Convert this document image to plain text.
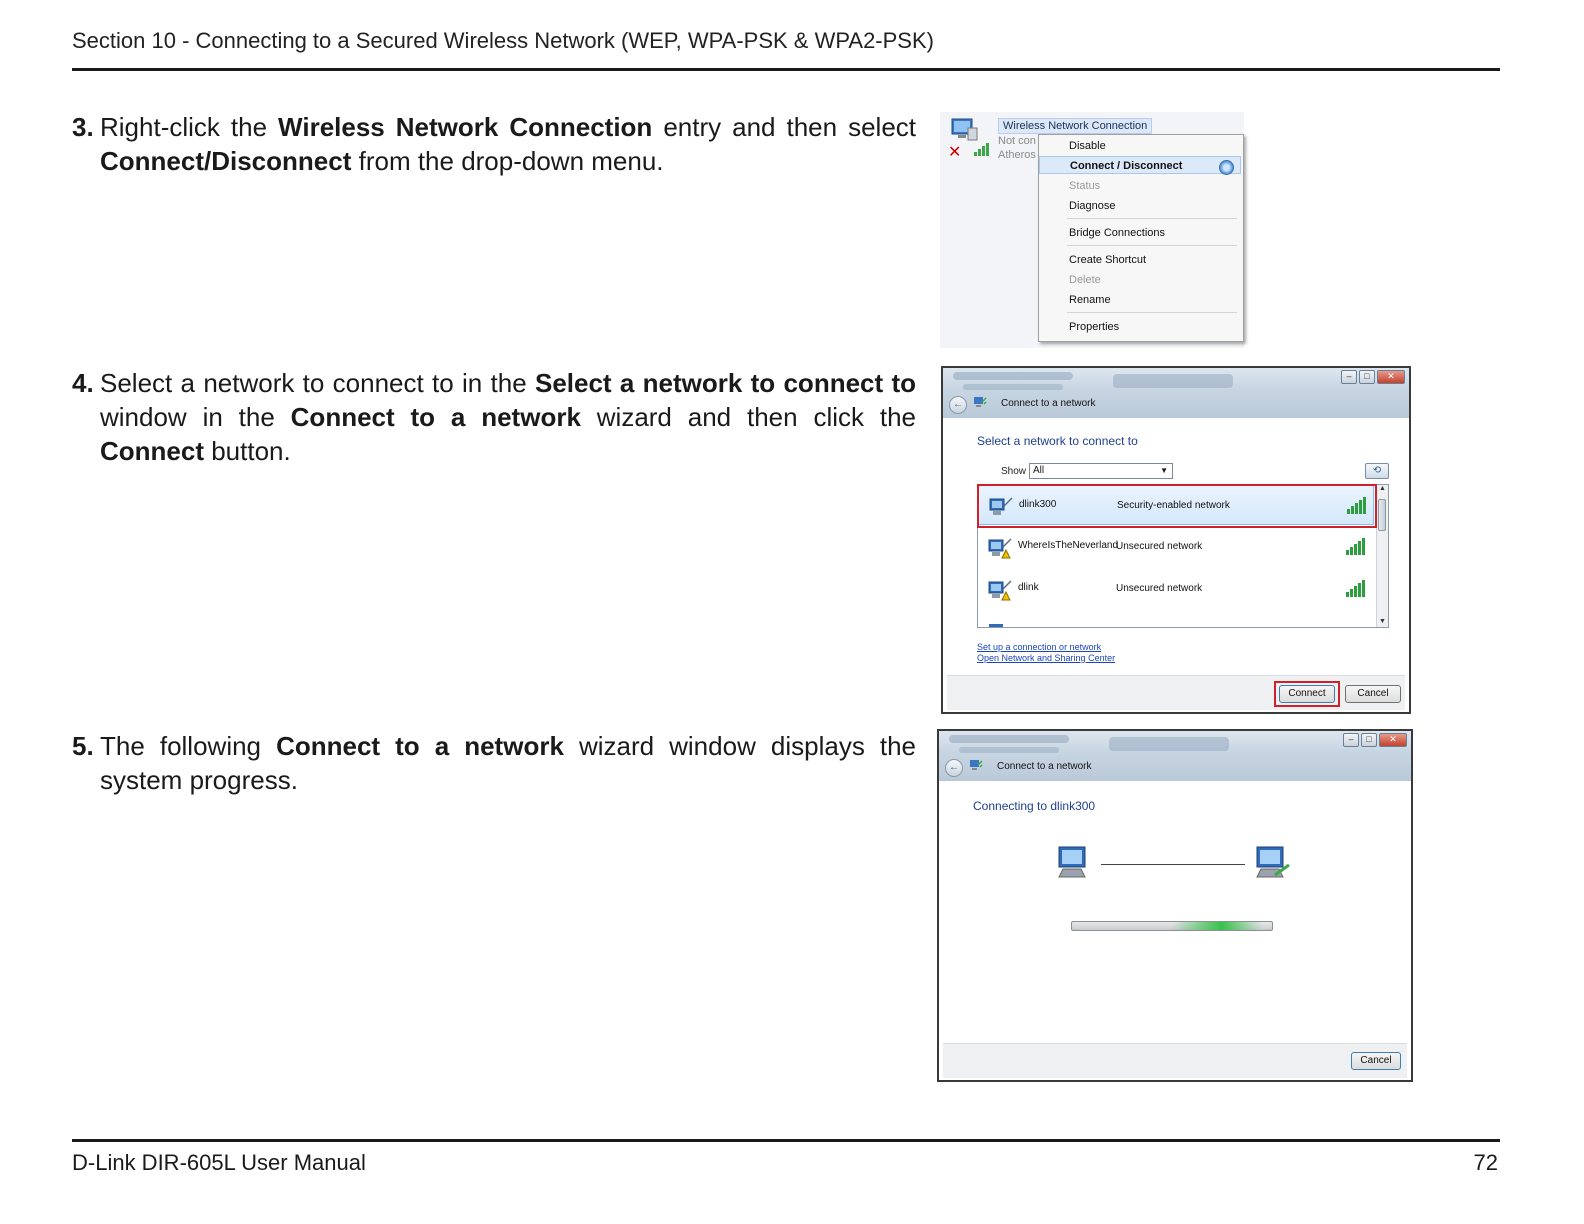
Section 10 - Connecting to a Secured Wireless Network (WEP, WPA-PSK & WPA2-PSK)
3. Right-click the Wireless Network Connection entry and then select Connect/Disconnect from the drop-down menu.
4. Select a network to connect to in the Select a network to connect to window in the Connect to a network wizard and then click the Connect button.
5. The following Connect to a network wizard window displays the system progress.
✕
Wireless Network Connection
Not con
Atheros
Disable
Connect / Disconnect
Status
Diagnose
Bridge Connections
Create Shortcut
Delete
Rename
Properties
–	□	✕
←	Connect to a network
Select a network to connect to
Show All	▼	⟲
dlink300	Security-enabled network
WhereIsTheNeverland
Unsecured network
dlink	Unsecured network
▲
▼
Set up a connection or network
Open Network and Sharing Center
Connect	Cancel
–	□	✕
←	Connect to a network
Connecting to dlink300
Cancel
D-Link DIR-605L User Manual	72
